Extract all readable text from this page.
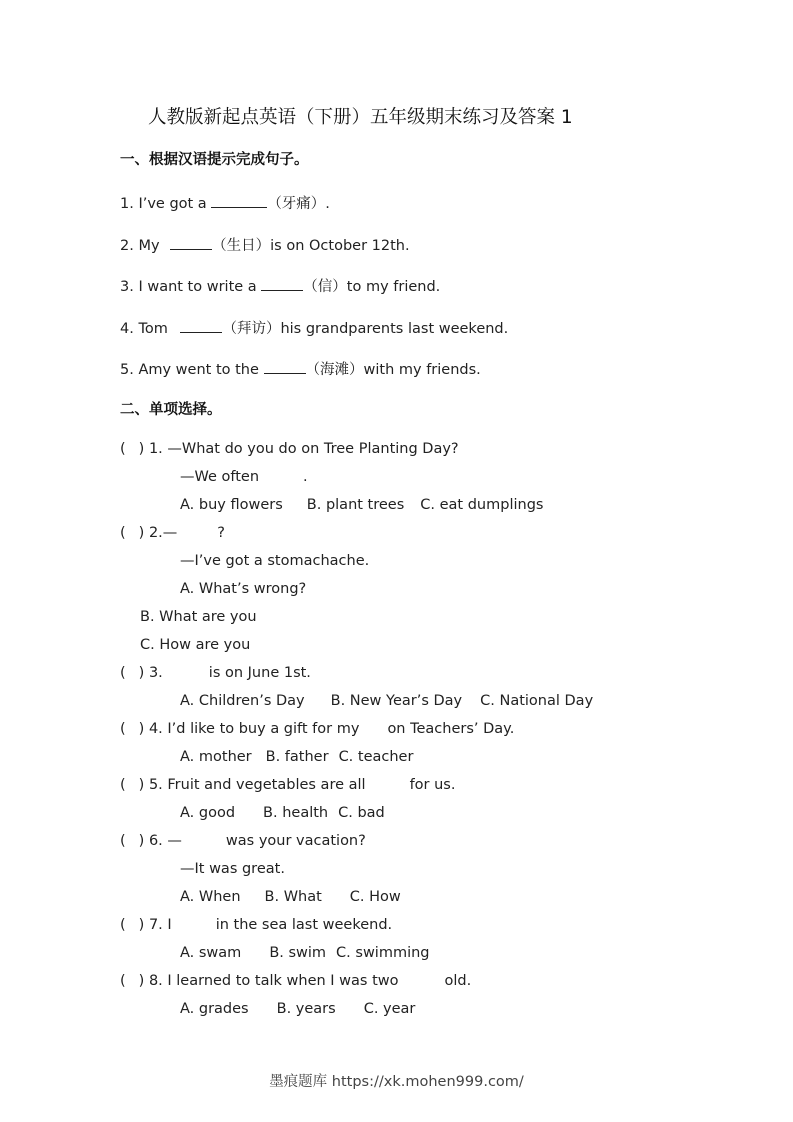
人教版新起点英语（下册）五年级期末练习及答案 1
一、根据汉语提示完成句子。
1. I’ve got a	（牙痛）.
2. My	（生日）is on October 12th.
3. I want to write a	（信）to my friend.
4. Tom	（拜访）his grandparents last weekend.
5. Amy went to the	（海滩）with my friends.
二、单项选择。
( ) 1. —What do you do on Tree Planting Day?
—We often	.
A. buy flowers B. plant trees C. eat dumplings
( ) 2.—	?
—I’ve got a stomachache.
A. What’s wrong?
B. What are you
C. How are you
( ) 3.	is on June 1st.
A. Children’s Day B. New Year’s Day C. National Day
( ) 4. I’d like to buy a gift for my on Teachers’ Day.
A. mother B. father C. teacher
( ) 5. Fruit and vegetables are all	for us.
A. good B. health C. bad
( ) 6. —	was your vacation?
—It was great.
A. When B. What C. How
( ) 7. I	in the sea last weekend.
A. swam B. swim C. swimming
( ) 8. I learned to talk when I was two	old.
A. grades B. years C. year
墨痕题库 https://xk.mohen999.com/
